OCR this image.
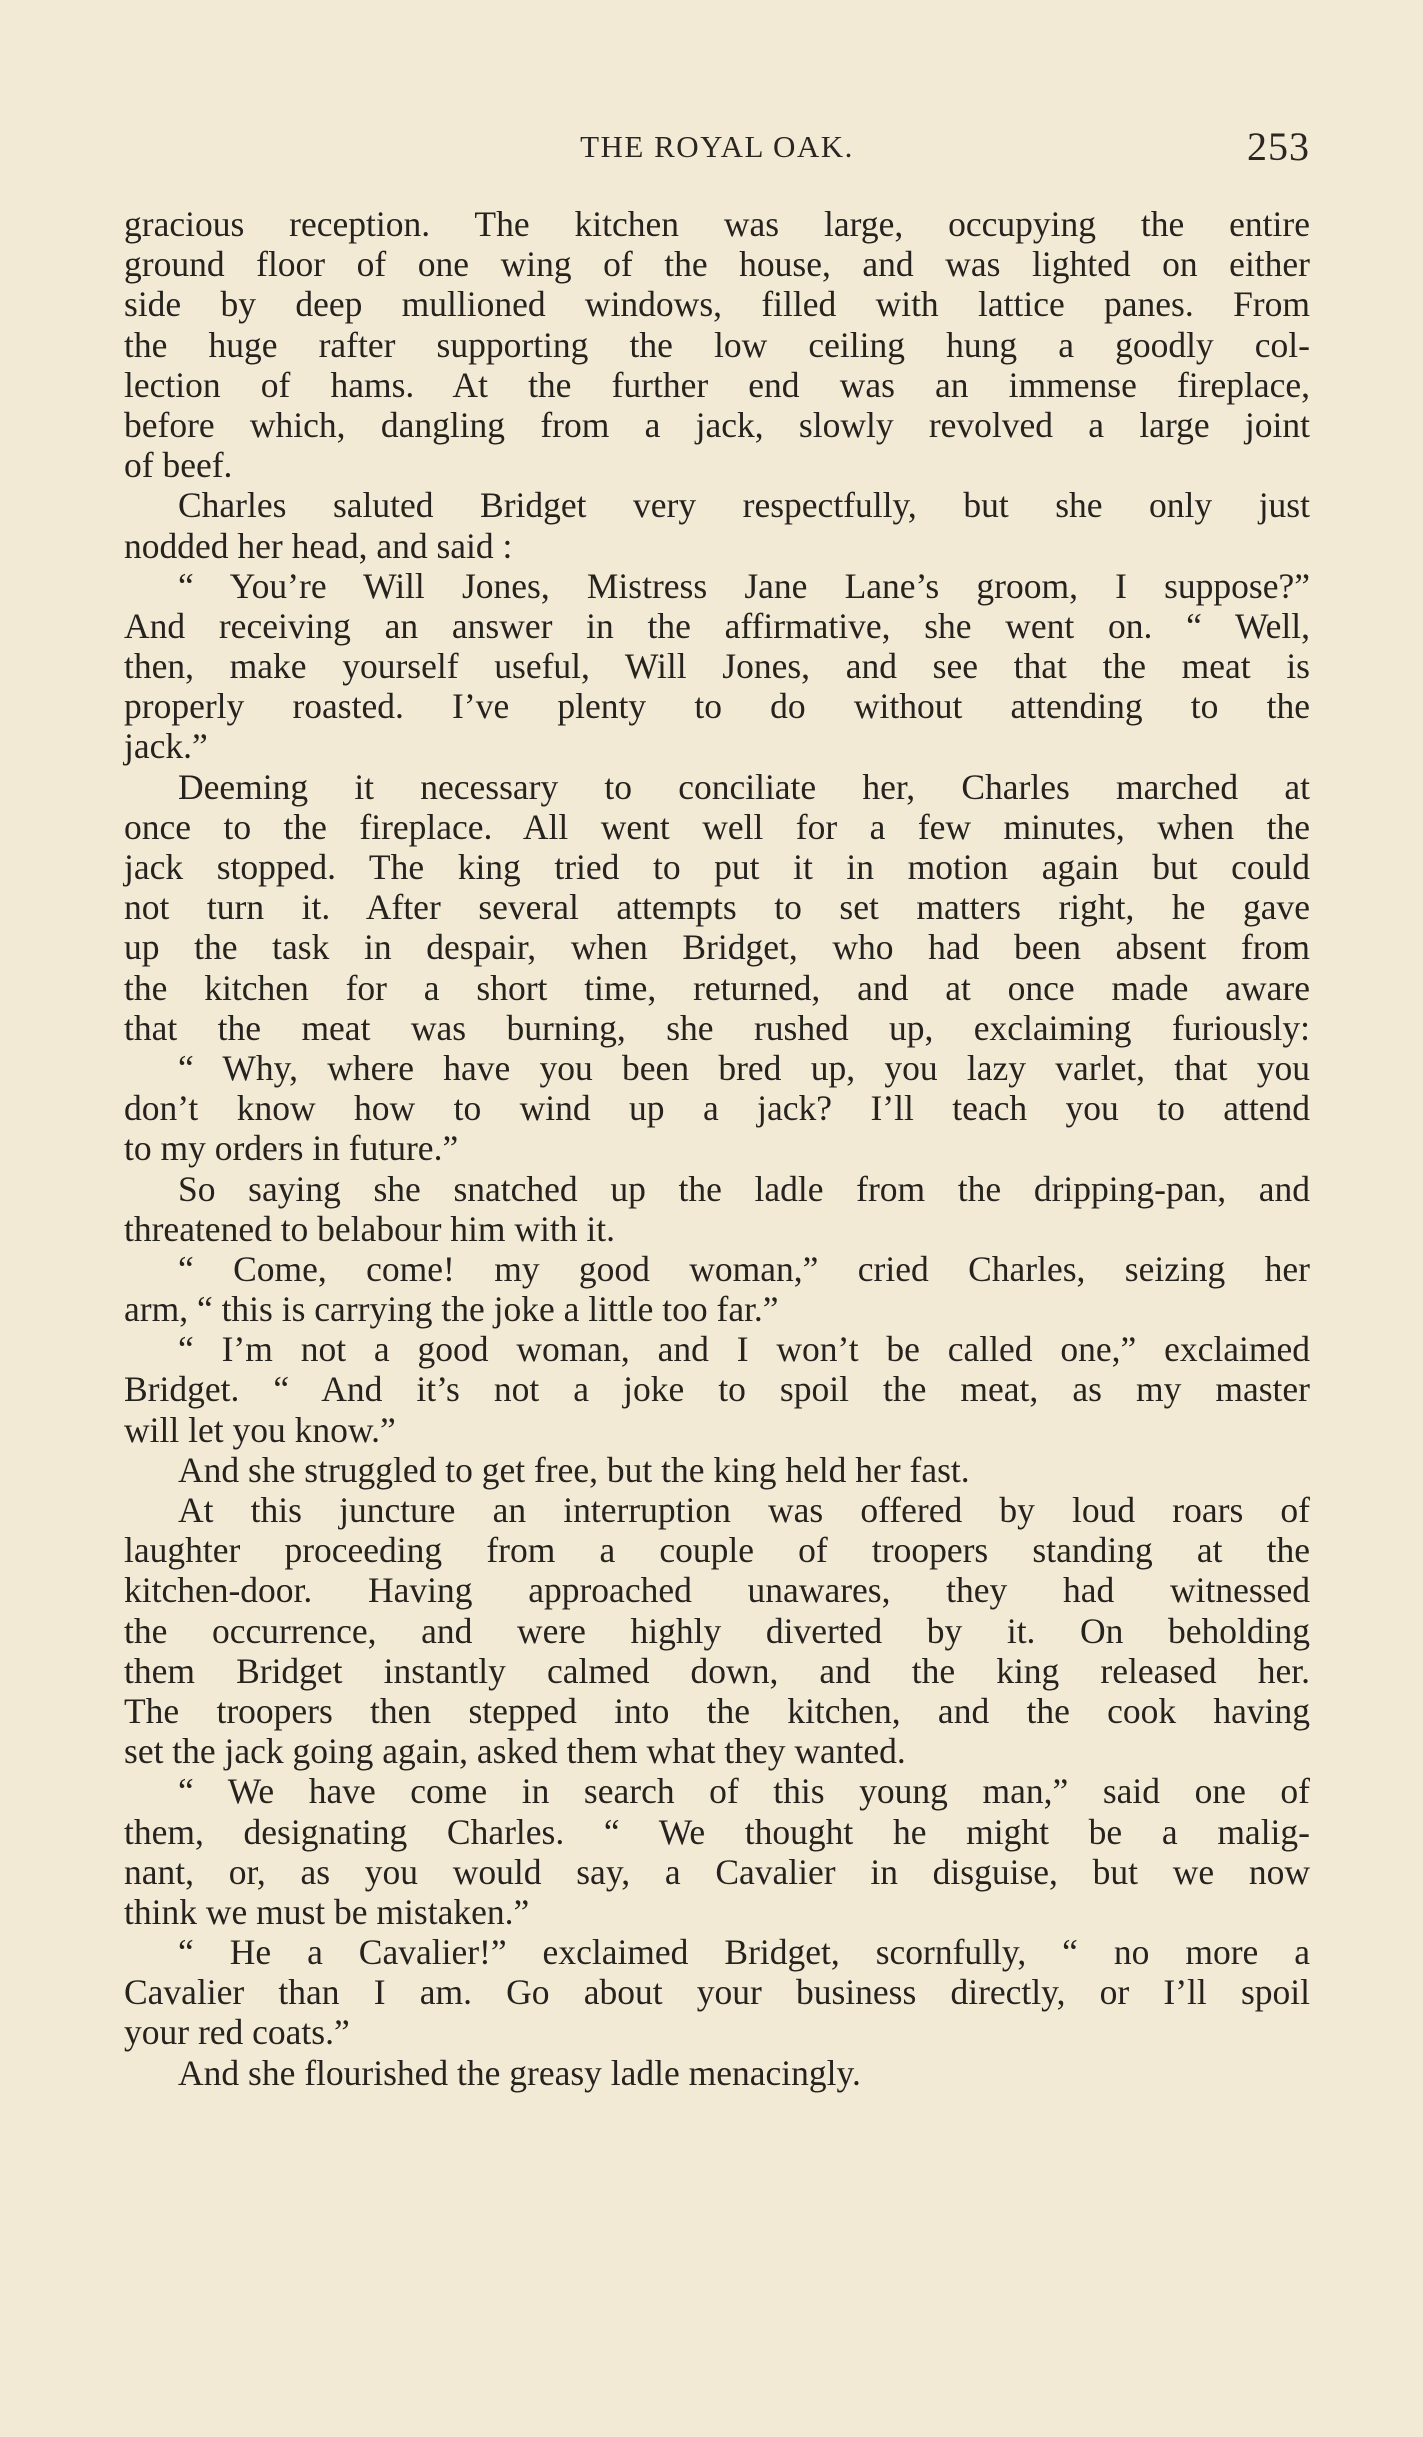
THE ROYAL OAK.	253
gracious reception. The kitchen was large, occupying the entire
ground floor of one wing of the house, and was lighted on either
side by deep mullioned windows, filled with lattice panes. From
the huge rafter supporting the low ceiling hung a goodly col-
lection of hams. At the further end was an immense fireplace,
before which, dangling from a jack, slowly revolved a large joint
of beef.
Charles saluted Bridget very respectfully, but she only just
nodded her head, and said :
“ You’re Will Jones, Mistress Jane Lane’s groom, I suppose?”
And receiving an answer in the affirmative, she went on. “ Well,
then, make yourself useful, Will Jones, and see that the meat is
properly roasted. I’ve plenty to do without attending to the
jack.”
Deeming it necessary to conciliate her, Charles marched at
once to the fireplace. All went well for a few minutes, when the
jack stopped. The king tried to put it in motion again but could
not turn it. After several attempts to set matters right, he gave
up the task in despair, when Bridget, who had been absent from
the kitchen for a short time, returned, and at once made aware
that the meat was burning, she rushed up, exclaiming furiously:
“ Why, where have you been bred up, you lazy varlet, that you
don’t know how to wind up a jack? I’ll teach you to attend
to my orders in future.”
So saying she snatched up the ladle from the dripping-pan, and
threatened to belabour him with it.
“ Come, come! my good woman,” cried Charles, seizing her
arm, “ this is carrying the joke a little too far.”
“ I’m not a good woman, and I won’t be called one,” exclaimed
Bridget. “ And it’s not a joke to spoil the meat, as my master
will let you know.”
And she struggled to get free, but the king held her fast.
At this juncture an interruption was offered by loud roars of
laughter proceeding from a couple of troopers standing at the
kitchen-door. Having approached unawares, they had witnessed
the occurrence, and were highly diverted by it. On beholding
them Bridget instantly calmed down, and the king released her.
The troopers then stepped into the kitchen, and the cook having
set the jack going again, asked them what they wanted.
“ We have come in search of this young man,” said one of
them, designating Charles. “ We thought he might be a malig-
nant, or, as you would say, a Cavalier in disguise, but we now
think we must be mistaken.”
“ He a Cavalier!” exclaimed Bridget, scornfully, “ no more a
Cavalier than I am. Go about your business directly, or I’ll spoil
your red coats.”
And she flourished the greasy ladle menacingly.
